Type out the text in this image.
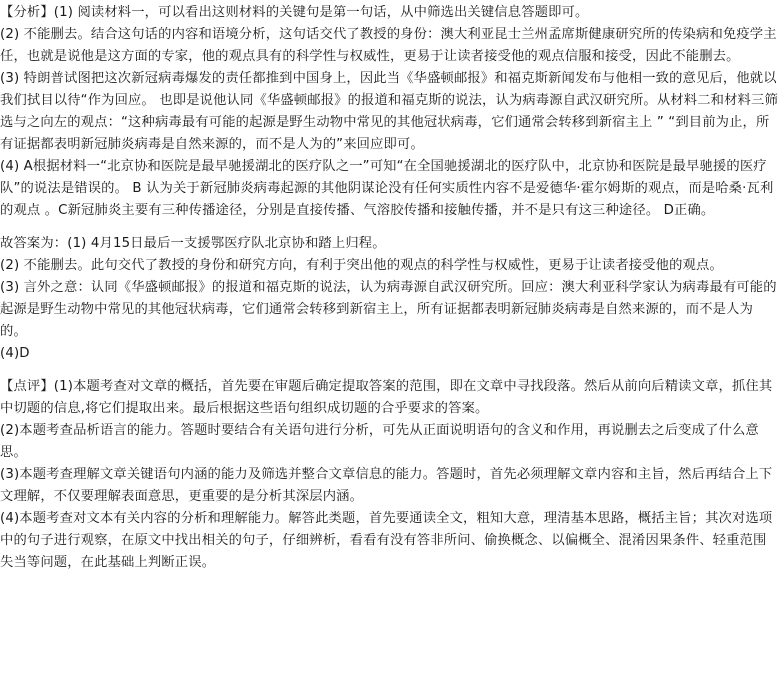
【分析】(1) 阅读材料一，可以看出这则材料的关键句是第一句话，从中筛选出关键信息答题即可。

(2) 不能删去。结合这句话的内容和语境分析，这句话交代了教授的身份：澳大利亚昆士兰州孟席斯健康研究所的传染病和免疫学主任，也就是说他是这方面的专家，他的观点具有的科学性与权威性，更易于让读者接受他的观点信服和接受，因此不能删去。

(3) 特朗普试图把这次新冠病毒爆发的责任都推到中国身上，因此当《华盛顿邮报》和福克斯新闻发布与他相一致的意见后，他就以 我们拭目以待“作为回应。 也即是说他认同《华盛顿邮报》的报道和福克斯的说法，认为病毒源自武汉研究所。从材料二和材料三筛选与之向左的观点：“这种病毒最有可能的起源是野生动物中常见的其他冠状病毒，它们通常会转移到新宿主上 ” “到目前为止，所有证据都表明新冠肺炎病毒是自然来源的，而不是人为的”来回应即可。

(4) A根据材料一“北京协和医院是最早驰援湖北的医疗队之一”可知“在全国驰援湖北的医疗队中，北京协和医院是最早驰援的医疗队”的说法是错误的。 B 认为关于新冠肺炎病毒起源的其他阴谋论没有任何实质性内容不是爱德华·霍尔姆斯的观点，而是哈桑·瓦利的观点 。C新冠肺炎主要有三种传播途径，分别是直接传播、气溶胶传播和接触传播，并不是只有这三种途径。 D正确。

故答案为：(1) 4月15日最后一支援鄂医疗队北京协和踏上归程。

(2) 不能删去。此句交代了教授的身份和研究方向，有利于突出他的观点的科学性与权威性，更易于让读者接受他的观点。

(3) 言外之意：认同《华盛顿邮报》的报道和福克斯的说法，认为病毒源自武汉研究所。回应：澳大利亚科学家认为病毒最有可能的起源是野生动物中常见的其他冠状病毒，它们通常会转移到新宿主上，所有证据都表明新冠肺炎病毒是自然来源的，而不是人为的。

(4)D

【点评】(1)本题考查对文章的概括，首先要在审题后确定提取答案的范围，即在文章中寻找段落。然后从前向后精读文章，抓住其中切题的信息,将它们提取出来。最后根据这些语句组织成切题的合乎要求的答案。

(2)本题考查品析语言的能力。答题时要结合有关语句进行分析，可先从正面说明语句的含义和作用，再说删去之后变成了什么意思。

(3)本题考查理解文章关键语句内涵的能力及筛选并整合文章信息的能力。答题时，首先必须理解文章内容和主旨，然后再结合上下文理解，不仅要理解表面意思，更重要的是分析其深层内涵。

(4)本题考查对文本有关内容的分析和理解能力。解答此类题，首先要通读全文，粗知大意，理清基本思路，概括主旨；其次对选项中的句子进行观察，在原文中找出相关的句子，仔细辨析，看看有没有答非所问、偷换概念、以偏概全、混淆因果条件、轻重范围失当等问题，在此基础上判断正误。
